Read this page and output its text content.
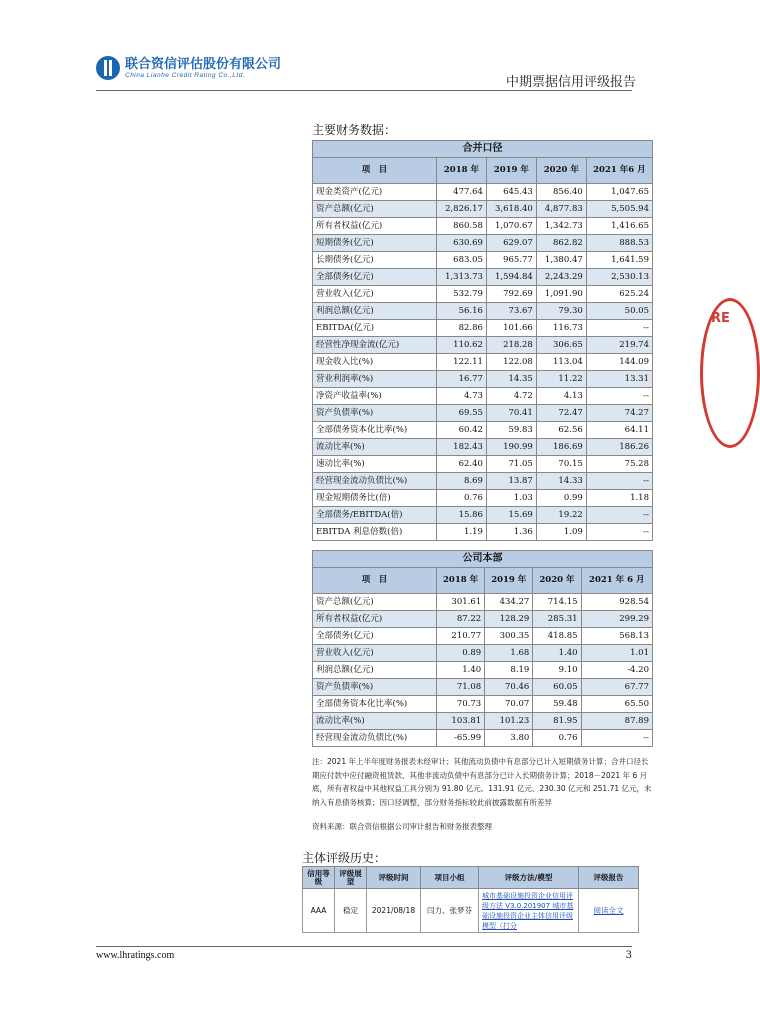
联合资信评估股份有限公司
China Lianhe Credit Rating Co.,Ltd.	中期票据信用评级报告
主要财务数据：
合并口径				
项　目	2018 年	2019 年	2020 年	2021 年6 月
现金类资产(亿元)	477.64	645.43	856.40	1,047.65
资产总额(亿元)	2,826.17	3,618.40	4,877.83	5,505.94
所有者权益(亿元)	860.58	1,070.67	1,342.73	1,416.65
短期债务(亿元)	630.69	629.07	862.82	888.53
长期债务(亿元)	683.05	965.77	1,380.47	1,641.59
全部债务(亿元)	1,313.73	1,594.84	2,243.29	2,530.13
营业收入(亿元)	532.79	792.69	1,091.90	625.24
利润总额(亿元)	56.16	73.67	79.30	50.05
EBITDA(亿元)	82.86	101.66	116.73	--
经营性净现金流(亿元)	110.62	218.28	306.65	219.74
现金收入比(%)	122.11	122.08	113.04	144.09
营业利润率(%)	16.77	14.35	11.22	13.31
净资产收益率(%)	4.73	4.72	4.13	--
资产负债率(%)	69.55	70.41	72.47	74.27
全部债务资本化比率(%)	60.42	59.83	62.56	64.11
流动比率(%)	182.43	190.99	186.69	186.26
速动比率(%)	62.40	71.05	70.15	75.28
经营现金流动负债比(%)	8.69	13.87	14.33	--
现金短期债务比(倍)	0.76	1.03	0.99	1.18
全部债务/EBITDA(倍)	15.86	15.69	19.22	--
EBITDA 利息倍数(倍)	1.19	1.36	1.09	--
公司本部				
项　目	2018 年	2019 年	2020 年	2021 年 6 月
资产总额(亿元)	301.61	434.27	714.15	928.54
所有者权益(亿元)	87.22	128.29	285.31	299.29
全部债务(亿元)	210.77	300.35	418.85	568.13
营业收入(亿元)	0.89	1.68	1.40	1.01
利润总额(亿元)	1.40	8.19	9.10	-4.20
资产负债率(%)	71.08	70.46	60.05	67.77
全部债务资本化比率(%)	70.73	70.07	59.48	65.50
流动比率(%)	103.81	101.23	81.95	87.89
经营现金流动负债比(%)	-65.99	3.80	0.76	--
注：2021 年上半年度财务报表未经审计；其他流动负债中有息部分已计入短期债务计算；合并口径长期应付款中应付融资租赁款、其他非流动负债中有息部分已计入长期债务计算；2018－2021 年 6 月底，所有者权益中其他权益工具分别为 91.80 亿元、131.91 亿元、230.30 亿元和 251.71 亿元，未纳入有息债务核算；因口径调整，部分财务指标较此前披露数据有所差异
资料来源：联合资信根据公司审计报告和财务报表整理
主体评级历史：
信用等级	评级展望	评级时间	项目小组	评级方法/模型	评级报告
AAA	稳定	2021/08/18	闫力、张梦芬	城市基础设施投资企业信用评级方法 V3.0.201907 城市基础设施投资企业主体信用评级模型（打分	阅读全文
www.lhratings.com	3
RE
